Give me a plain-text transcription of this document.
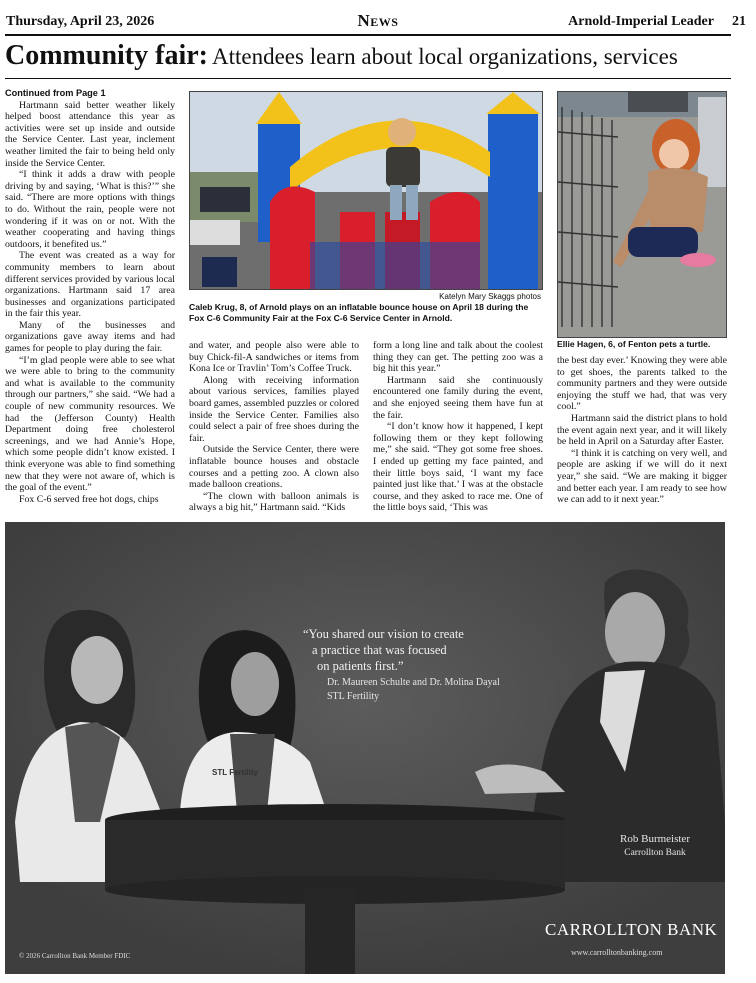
Thursday, April 23, 2026	News	Arnold-Imperial Leader 21
Community fair: Attendees learn about local organizations, services

Continued from Page 1

Hartmann said better weather likely helped boost attendance this year as activities were set up inside and outside the Service Center. Last year, inclement weather limited the fair to being held only inside the Service Center.

“I think it adds a draw with people driving by and saying, ‘What is this?’” she said. “There are more options with things to do. Without the rain, people were not wondering if it was on or not. With the weather cooperating and having things outdoors, it benefited us.”

The event was created as a way for community members to learn about different services provided by various local organizations. Hartmann said 17 area businesses and organizations participated in the fair this year.

Many of the businesses and organizations gave away items and had games for people to play during the fair.

“I’m glad people were able to see what we were able to bring to the community and what is available to the community through our partners,” she said. “We had a couple of new community resources. We had the (Jefferson County) Health Department doing free cholesterol screenings, and we had Annie’s Hope, which some people didn’t know existed. I think everyone was able to find something new that they were not aware of, which is the goal of the event.”

Fox C-6 served free hot dogs, chips

Katelyn Mary Skaggs photos
Caleb Krug, 8, of Arnold plays on an inflatable bounce house on April 18 during the Fox C-6 Community Fair at the Fox C-6 Service Center in Arnold.
Ellie Hagen, 6, of Fenton pets a turtle.

and water, and people also were able to buy Chick-fil-A sandwiches or items from Kona Ice or Travlin’ Tom’s Coffee Truck.

Along with receiving information about various services, families played board games, assembled puzzles or colored inside the Service Center. Families also could select a pair of free shoes during the fair.

Outside the Service Center, there were inflatable bounce houses and obstacle courses and a petting zoo. A clown also made balloon creations.

“The clown with balloon animals is always a big hit,” Hartmann said. “Kids

form a long line and talk about the coolest thing they can get. The petting zoo was a big hit this year.”

Hartmann said she continuously encountered one family during the event, and she enjoyed seeing them have fun at the fair.

“I don’t know how it happened, I kept following them or they kept following me,” she said. “They got some free shoes. I ended up getting my face painted, and their little boys said, ‘I want my face painted just like that.’ I was at the obstacle course, and they asked to race me. One of the little boys said, ‘This was

the best day ever.’ Knowing they were able to get shoes, the parents talked to the community partners and they were outside enjoying the stuff we had, that was very cool.”

Hartmann said the district plans to hold the event again next year, and it will likely be held in April on a Saturday after Easter.

“I think it is catching on very well, and people are asking if we will do it next year,” she said. “We are making it bigger and better each year. I am ready to see how we can add to it next year.”

“You shared our vision to create
a practice that was focused
on patients first.”
Dr. Maureen Schulte and Dr. Molina Dayal
STL Fertility
STL Fertility
Rob Burmeister
Carrollton Bank
CARROLLTON BANK
www.carrolltonbanking.com
© 2026 Carrollton Bank Member FDIC
